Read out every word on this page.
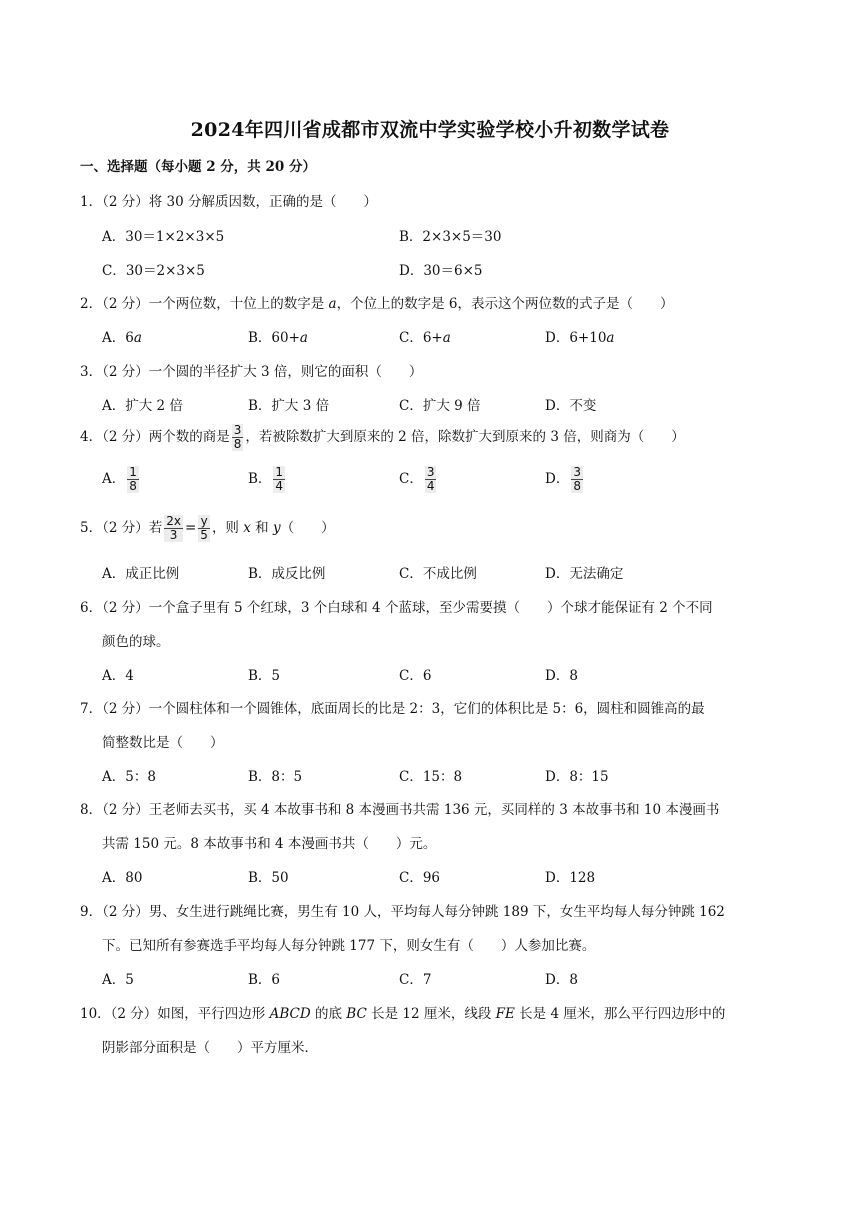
2024年四川省成都市双流中学实验学校小升初数学试卷
一、选择题（每小题 2 分，共 20 分）
1．（2 分）将 30 分解质因数，正确的是（　　）
A．30＝1×2×3×5	B．2×3×5＝30
C．30＝2×3×5	D．30＝6×5
2．（2 分）一个两位数，十位上的数字是 a，个位上的数字是 6，表示这个两位数的式子是（　　）
A．6a	B．60+a	C．6+a	D．6+10a
3．（2 分）一个圆的半径扩大 3 倍，则它的面积（　　）
A．扩大 2 倍	B．扩大 3 倍	C．扩大 9 倍	D．不变
4．（2 分）两个数的商是 $\frac{3}{8}$ ，若被除数扩大到原来的 2 倍，除数扩大到原来的 3 倍，则商为（　　）
A． $\frac{1}{8}$	B． $\frac{1}{4}$	C． $\frac{3}{4}$	D． $\frac{3}{8}$
5．（2 分）若 $\frac{2x}{3} = \frac{y}{5}$ ，则 x 和 y（　　）
A．成正比例	B．成反比例	C．不成比例	D．无法确定
6．（2 分）一个盒子里有 5 个红球，3 个白球和 4 个蓝球，至少需要摸（　　）个球才能保证有 2 个不同
颜色的球。
A．4	B．5	C．6	D．8
7．（2 分）一个圆柱体和一个圆锥体，底面周长的比是 2：3，它们的体积比是 5：6，圆柱和圆锥高的最
简整数比是（　　）
A．5：8	B．8：5	C．15：8	D．8：15
8．（2 分）王老师去买书，买 4 本故事书和 8 本漫画书共需 136 元，买同样的 3 本故事书和 10 本漫画书
共需 150 元。8 本故事书和 4 本漫画书共（　　）元。
A．80	B．50	C．96	D．128
9．（2 分）男、女生进行跳绳比赛，男生有 10 人，平均每人每分钟跳 189 下，女生平均每人每分钟跳 162
下。已知所有参赛选手平均每人每分钟跳 177 下，则女生有（　　）人参加比赛。
A．5	B．6	C．7	D．8
10．（2 分）如图，平行四边形 ABCD 的底 BC 长是 12 厘米，线段 FE 长是 4 厘米，那么平行四边形中的
阴影部分面积是（　　）平方厘米．
